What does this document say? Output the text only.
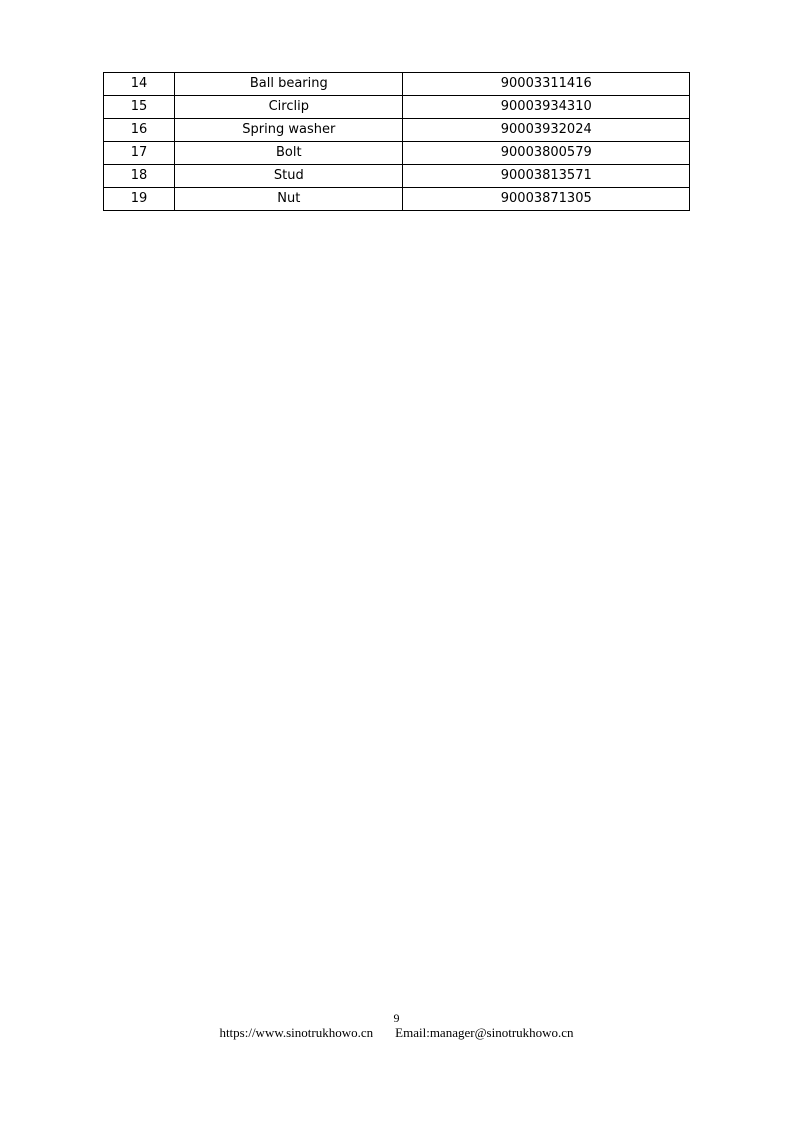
14	Ball bearing	90003311416
15	Circlip	90003934310
16	Spring washer	90003932024
17	Bolt	90003800579
18	Stud	90003813571
19	Nut	90003871305
9
https://www.sinotrukhowo.cn Email:manager@sinotrukhowo.cn
